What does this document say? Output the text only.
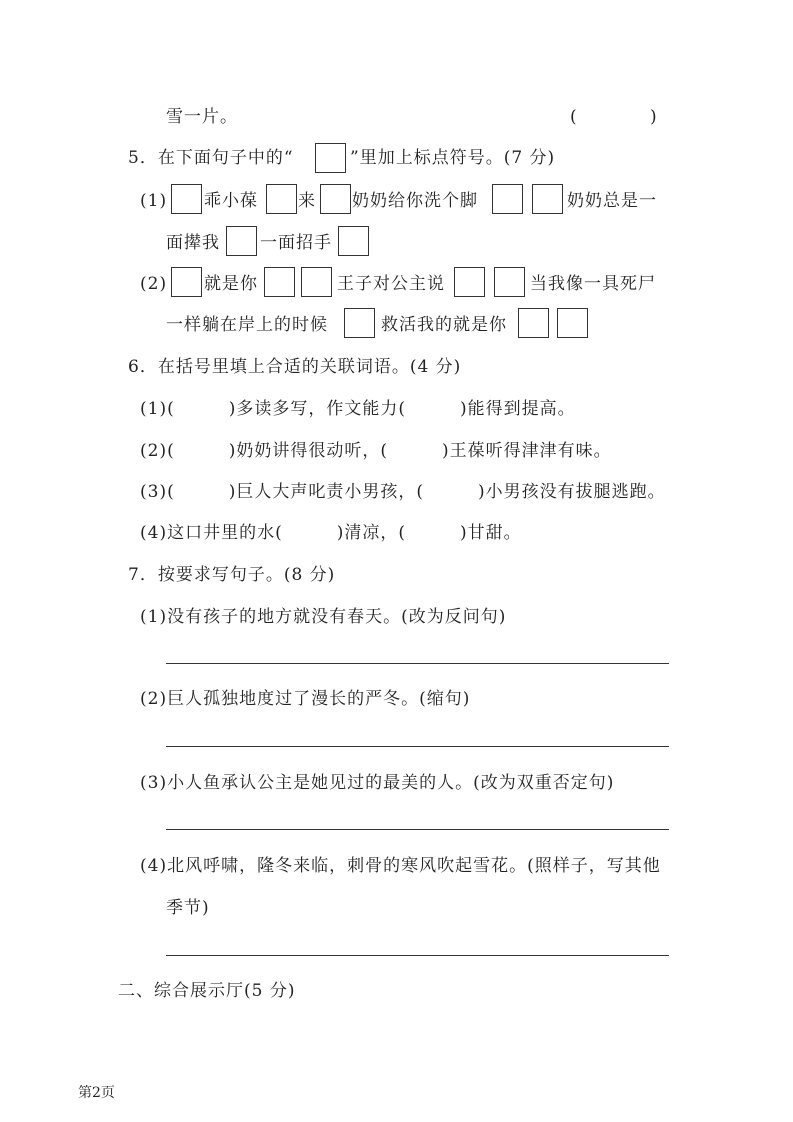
雪一片。	(	)
5．在下面句子中的“	”里加上标点符号。(7 分)
(1) 乖小葆 来 奶奶给你洗个脚	奶奶总是一
面撵我 一面招手
(2) 就是你	王子对公主说	当我像一具死尸
一样躺在岸上的时候	救活我的就是你
6．在括号里填上合适的关联词语。(4 分)
(1)(　　　)多读多写，作文能力(　　　)能得到提高。
(2)(　　　)奶奶讲得很动听，(　　　)王葆听得津津有味。
(3)(　　　)巨人大声叱责小男孩，(　　　)小男孩没有拔腿逃跑。
(4)这口井里的水(　　　)清凉，(　　　)甘甜。
7．按要求写句子。(8 分)
(1)没有孩子的地方就没有春天。(改为反问句)
(2)巨人孤独地度过了漫长的严冬。(缩句)
(3)小人鱼承认公主是她见过的最美的人。(改为双重否定句)
(4)北风呼啸，隆冬来临，刺骨的寒风吹起雪花。(照样子，写其他
季节)
二、综合展示厅(5 分)
第2页
